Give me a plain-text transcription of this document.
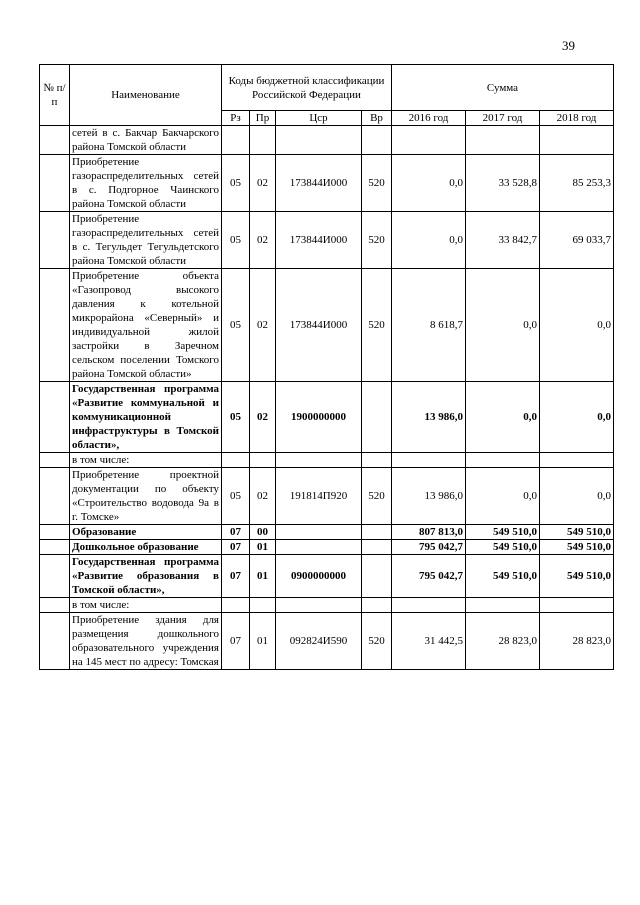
39
№ п/п	Наименование	Коды бюджетной классификации Российской Федерации				Сумма		
		Рз	Пр	Цср	Вр	2016 год	2017 год	2018 год
	сетей в с. Бакчар Бакчарского района Томской области							
	Приобретение газораспределительных сетей в с. Подгорное Чаинского района Томской области	05	02	173844И000	520	0,0	33 528,8	85 253,3
	Приобретение газораспределительных сетей в с. Тегульдет Тегульдетского района Томской области	05	02	173844И000	520	0,0	33 842,7	69 033,7
	Приобретение объекта «Газопровод высокого давления к котельной микрорайона «Северный» и индивидуальной жилой застройки в Заречном сельском поселении Томского района Томской области»	05	02	173844И000	520	8 618,7	0,0	0,0
	Государственная программа «Развитие коммунальной и коммуникационной инфраструктуры в Томской области»,	05	02	1900000000		13 986,0	0,0	0,0
	в том числе:							
	Приобретение проектной документации по объекту «Строительство водовода 9а в г. Томске»	05	02	191814П920	520	13 986,0	0,0	0,0
	Образование	07	00			807 813,0	549 510,0	549 510,0
	Дошкольное образование	07	01			795 042,7	549 510,0	549 510,0
	Государственная программа «Развитие образования в Томской области»,	07	01	0900000000		795 042,7	549 510,0	549 510,0
	в том числе:							
	Приобретение здания для размещения дошкольного образовательного учреждения на 145 мест по адресу: Томская	07	01	092824И590	520	31 442,5	28 823,0	28 823,0
